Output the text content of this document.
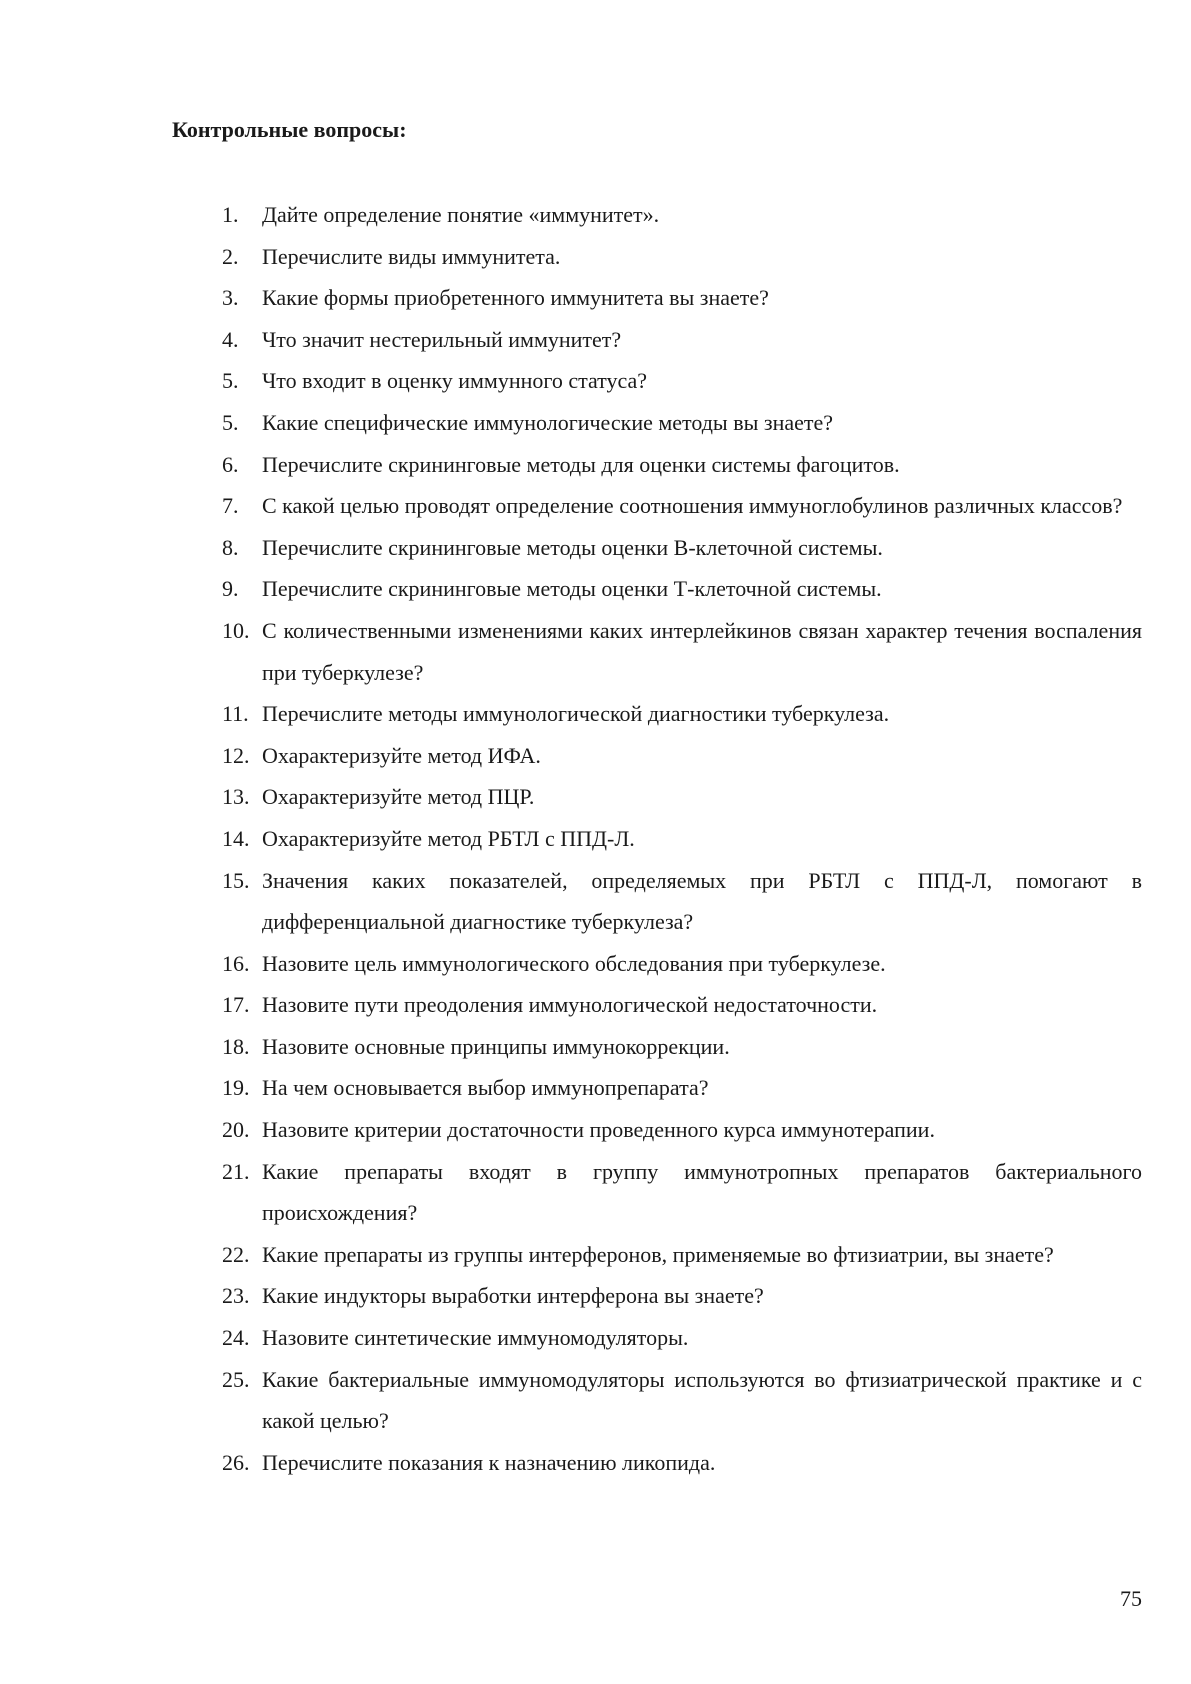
Контрольные вопросы:
1.	Дайте определение понятие «иммунитет».
2.	Перечислите виды иммунитета.
3.	Какие формы приобретенного иммунитета вы знаете?
4.	Что значит нестерильный иммунитет?
5.	Что входит в оценку иммунного статуса?
5.	Какие специфические иммунологические методы вы знаете?
6.	Перечислите скрининговые методы для оценки системы фагоцитов.
7.	С какой целью проводят определение соотношения иммуноглобулинов различных классов?
8.	Перечислите скрининговые методы оценки В-клеточной системы.
9.	Перечислите скрининговые методы оценки Т-клеточной системы.
10. С количественными изменениями каких интерлейкинов связан характер течения воспаления при туберкулезе?
11. Перечислите методы иммунологической диагностики туберкулеза.
12. Охарактеризуйте метод ИФА.
13. Охарактеризуйте метод ПЦР.
14. Охарактеризуйте метод РБТЛ с ППД-Л.
15. Значения каких показателей, определяемых при РБТЛ с ППД-Л, помогают в дифференциальной диагностике туберкулеза?
16. Назовите цель иммунологического обследования при туберкулезе.
17. Назовите пути преодоления иммунологической недостаточности.
18. Назовите основные принципы иммунокоррекции.
19. На чем основывается выбор иммунопрепарата?
20. Назовите критерии достаточности проведенного курса иммунотерапии.
21. Какие препараты входят в группу иммунотропных препаратов бактериального происхождения?
22. Какие препараты из группы интерферонов, применяемые во фтизиатрии, вы знаете?
23. Какие индукторы выработки интерферона вы знаете?
24. Назовите синтетические иммуномодуляторы.
25. Какие бактериальные иммуномодуляторы используются во фтизиатрической практике и с какой целью?
26. Перечислите показания к назначению ликопида.
75
